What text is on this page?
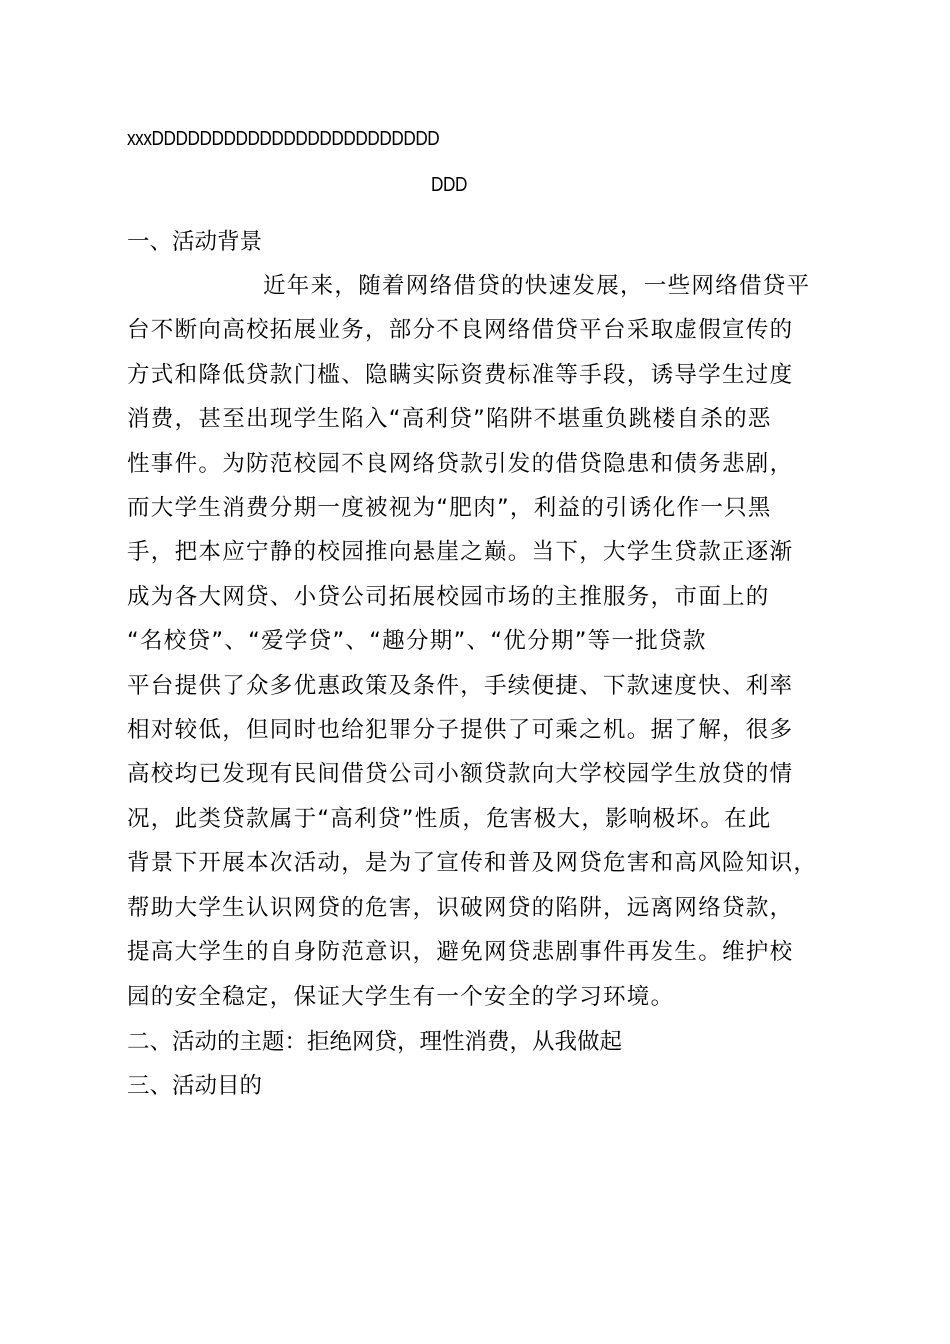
xxxDDDDDDDDDDDDDDDDDDDDDDDD
DDD
一、活动背景
近年来，随着网络借贷的快速发展，一些网络借贷平
台不断向高校拓展业务，部分不良网络借贷平台采取虚假宣传的
方式和降低贷款门槛、隐瞒实际资费标准等手段，诱导学生过度
消费，甚至出现学生陷入“高利贷”陷阱不堪重负跳楼自杀的恶
性事件。为防范校园不良网络贷款引发的借贷隐患和债务悲剧，
而大学生消费分期一度被视为“肥肉”，利益的引诱化作一只黑
手，把本应宁静的校园推向悬崖之巅。当下，大学生贷款正逐渐
成为各大网贷、小贷公司拓展校园市场的主推服务，市面上的
“名校贷”、“爱学贷”、“趣分期”、“优分期”等一批贷款
平台提供了众多优惠政策及条件，手续便捷、下款速度快、利率
相对较低，但同时也给犯罪分子提供了可乘之机。据了解，很多
高校均已发现有民间借贷公司小额贷款向大学校园学生放贷的情
况，此类贷款属于“高利贷”性质，危害极大，影响极坏。在此
背景下开展本次活动，是为了宣传和普及网贷危害和高风险知识，
帮助大学生认识网贷的危害，识破网贷的陷阱，远离网络贷款，
提高大学生的自身防范意识，避免网贷悲剧事件再发生。维护校
园的安全稳定，保证大学生有一个安全的学习环境。
二、活动的主题：拒绝网贷，理性消费，从我做起
三、活动目的
